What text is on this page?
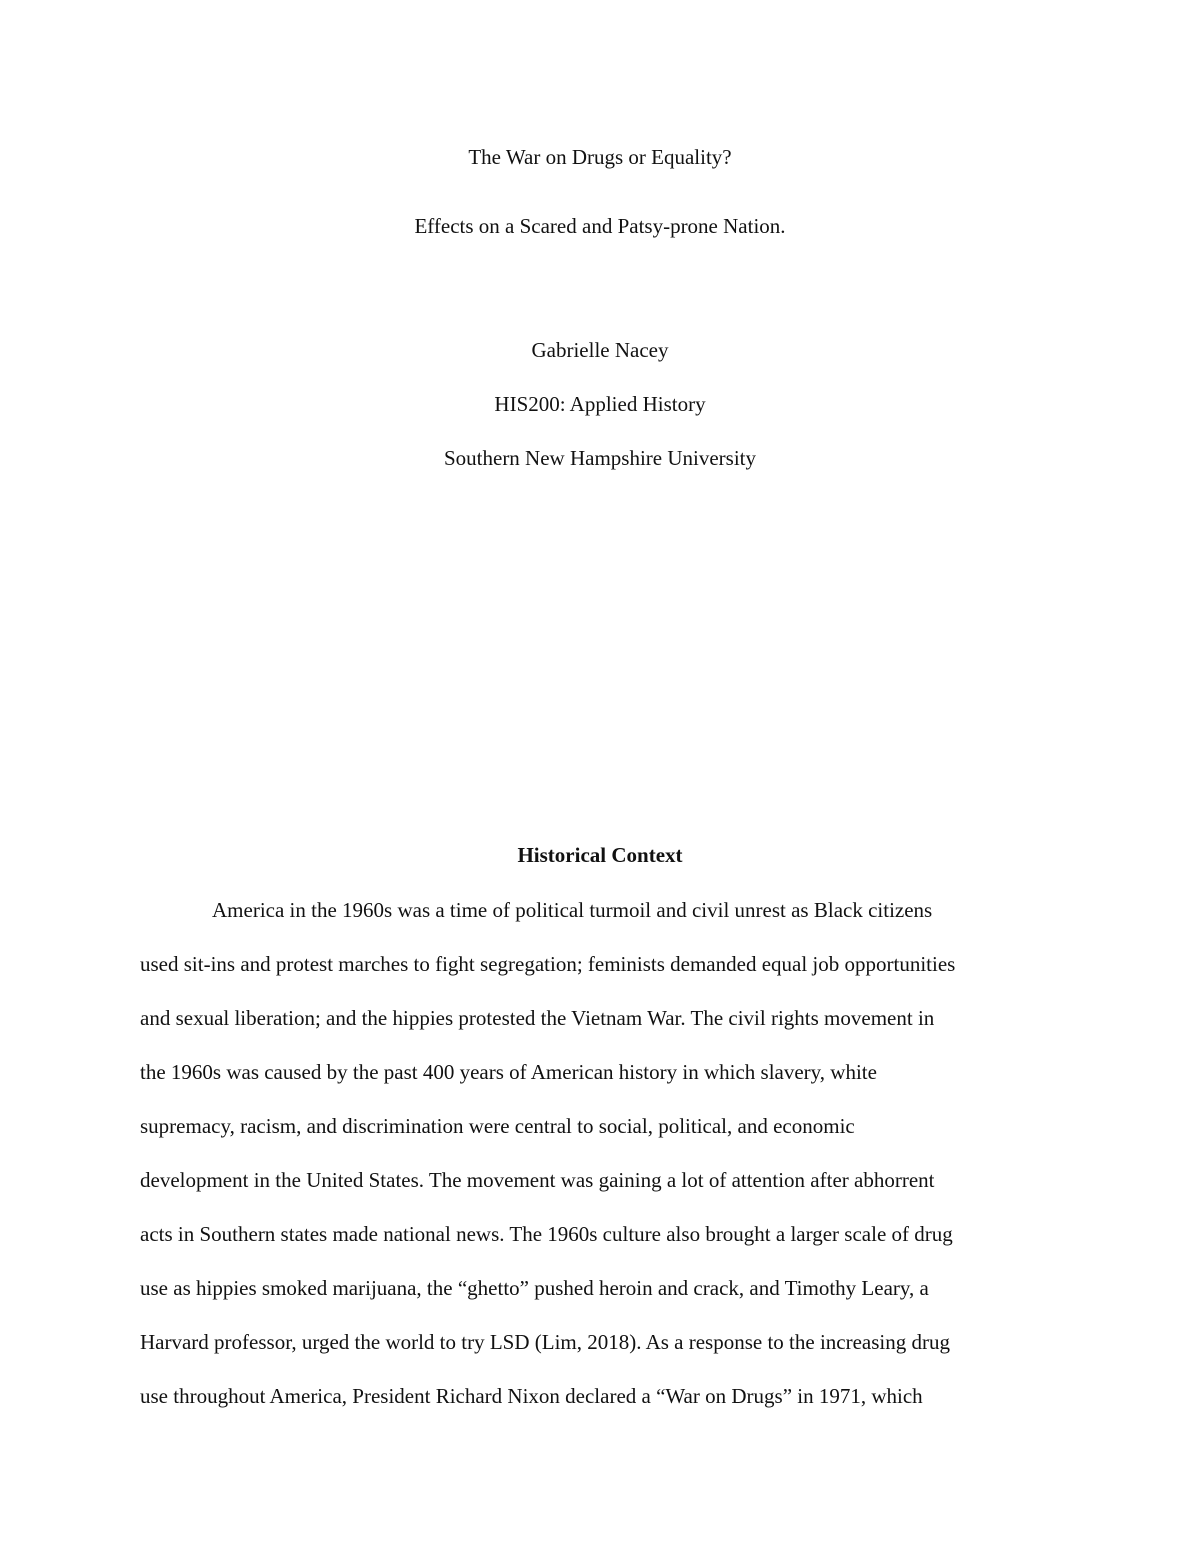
The War on Drugs or Equality?
Effects on a Scared and Patsy-prone Nation.
Gabrielle Nacey
HIS200: Applied History
Southern New Hampshire University
Historical Context
America in the 1960s was a time of political turmoil and civil unrest as Black citizens
used sit-ins and protest marches to fight segregation; feminists demanded equal job opportunities
and sexual liberation; and the hippies protested the Vietnam War. The civil rights movement in
the 1960s was caused by the past 400 years of American history in which slavery, white
supremacy, racism, and discrimination were central to social, political, and economic
development in the United States. The movement was gaining a lot of attention after abhorrent
acts in Southern states made national news. The 1960s culture also brought a larger scale of drug
use as hippies smoked marijuana, the “ghetto” pushed heroin and crack, and Timothy Leary, a
Harvard professor, urged the world to try LSD (Lim, 2018). As a response to the increasing drug
use throughout America, President Richard Nixon declared a “War on Drugs” in 1971, which
